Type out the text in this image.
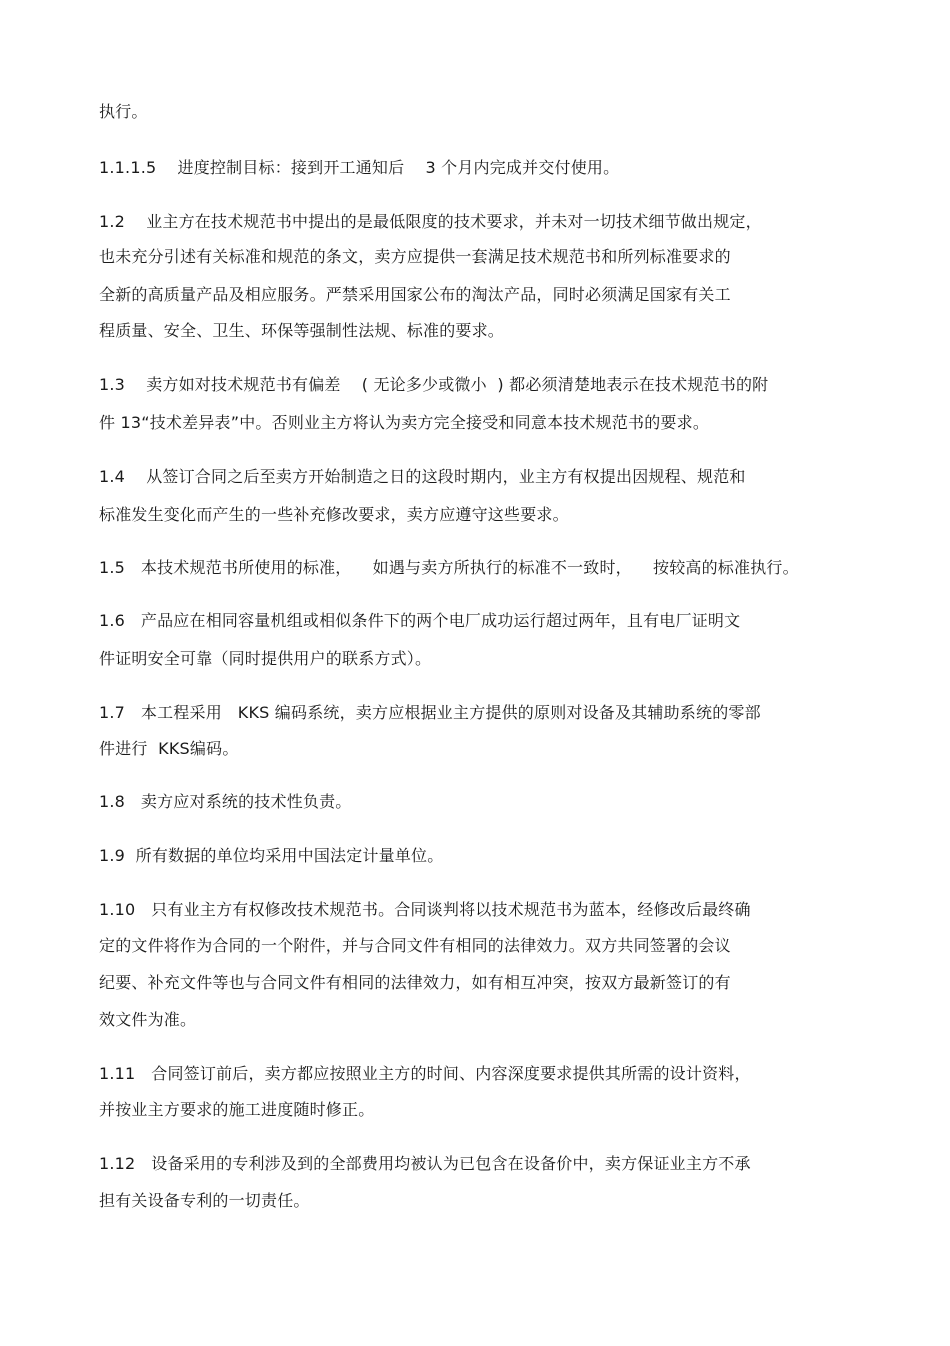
执行。
1.1.1.5    进度控制目标：接到开工通知后    3 个月内完成并交付使用。
1.2    业主方在技术规范书中提出的是最低限度的技术要求，并未对一切技术细节做出规定，
也未充分引述有关标准和规范的条文，卖方应提供一套满足技术规范书和所列标准要求的
全新的高质量产品及相应服务。严禁采用国家公布的淘汰产品，同时必须满足国家有关工
程质量、安全、卫生、环保等强制性法规、标准的要求。
1.3    卖方如对技术规范书有偏差    ( 无论多少或微小  ) 都必须清楚地表示在技术规范书的附
件 13“技术差异表”中。否则业主方将认为卖方完全接受和同意本技术规范书的要求。
1.4    从签订合同之后至卖方开始制造之日的这段时期内，业主方有权提出因规程、规范和
标准发生变化而产生的一些补充修改要求，卖方应遵守这些要求。
1.5   本技术规范书所使用的标准，    如遇与卖方所执行的标准不一致时，    按较高的标准执行。
1.6   产品应在相同容量机组或相似条件下的两个电厂成功运行超过两年，且有电厂证明文
件证明安全可靠（同时提供用户的联系方式）。
1.7   本工程采用   KKS 编码系统，卖方应根据业主方提供的原则对设备及其辅助系统的零部
件进行  KKS编码。
1.8   卖方应对系统的技术性负责。
1.9  所有数据的单位均采用中国法定计量单位。
1.10   只有业主方有权修改技术规范书。合同谈判将以技术规范书为蓝本，经修改后最终确
定的文件将作为合同的一个附件，并与合同文件有相同的法律效力。双方共同签署的会议
纪要、补充文件等也与合同文件有相同的法律效力，如有相互冲突，按双方最新签订的有
效文件为准。
1.11   合同签订前后，卖方都应按照业主方的时间、内容深度要求提供其所需的设计资料，
并按业主方要求的施工进度随时修正。
1.12   设备采用的专利涉及到的全部费用均被认为已包含在设备价中，卖方保证业主方不承
担有关设备专利的一切责任。
